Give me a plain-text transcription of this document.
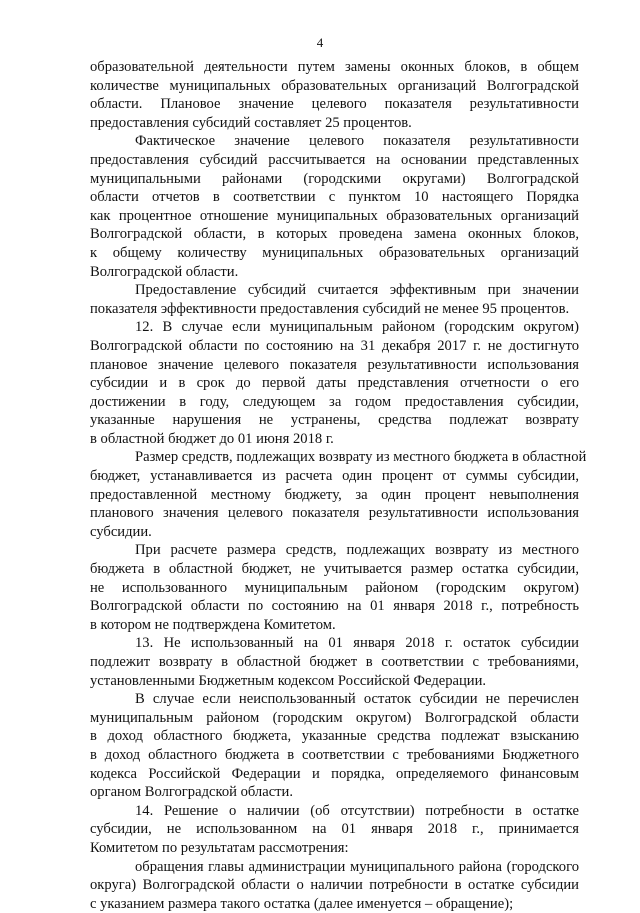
4
образовательной деятельности путем замены оконных блоков, в общем
количестве муниципальных образовательных организаций Волгоградской
области. Плановое значение целевого показателя результативности
предоставления субсидий составляет 25 процентов.
Фактическое значение целевого показателя результативности
предоставления субсидий рассчитывается на основании представленных
муниципальными районами (городскими округами) Волгоградской
области отчетов в соответствии с пунктом 10 настоящего Порядка
как процентное отношение муниципальных образовательных организаций
Волгоградской области, в которых проведена замена оконных блоков,
к общему количеству муниципальных образовательных организаций
Волгоградской области.
Предоставление субсидий считается эффективным при значении
показателя эффективности предоставления субсидий не менее 95 процентов.
12. В случае если муниципальным районом (городским округом)
Волгоградской области по состоянию на 31 декабря 2017 г. не достигнуто
плановое значение целевого показателя результативности использования
субсидии и в срок до первой даты представления отчетности о его
достижении в году, следующем за годом предоставления субсидии,
указанные нарушения не устранены, средства подлежат возврату
в областной бюджет до 01 июня 2018 г.
Размер средств, подлежащих возврату из местного бюджета в областной
бюджет, устанавливается из расчета один процент от суммы субсидии,
предоставленной местному бюджету, за один процент невыполнения
планового значения целевого показателя результативности использования
субсидии.
При расчете размера средств, подлежащих возврату из местного
бюджета в областной бюджет, не учитывается размер остатка субсидии,
не использованного муниципальным районом (городским округом)
Волгоградской области по состоянию на 01 января 2018 г., потребность
в котором не подтверждена Комитетом.
13. Не использованный на 01 января 2018 г. остаток субсидии
подлежит возврату в областной бюджет в соответствии с требованиями,
установленными Бюджетным кодексом Российской Федерации.
В случае если неиспользованный остаток субсидии не перечислен
муниципальным районом (городским округом) Волгоградской области
в доход областного бюджета, указанные средства подлежат взысканию
в доход областного бюджета в соответствии с требованиями Бюджетного
кодекса Российской Федерации и порядка, определяемого финансовым
органом Волгоградской области.
14. Решение о наличии (об отсутствии) потребности в остатке
субсидии, не использованном на 01 января 2018 г., принимается
Комитетом по результатам рассмотрения:
обращения главы администрации муниципального района (городского
округа) Волгоградской области о наличии потребности в остатке субсидии
с указанием размера такого остатка (далее именуется – обращение);
